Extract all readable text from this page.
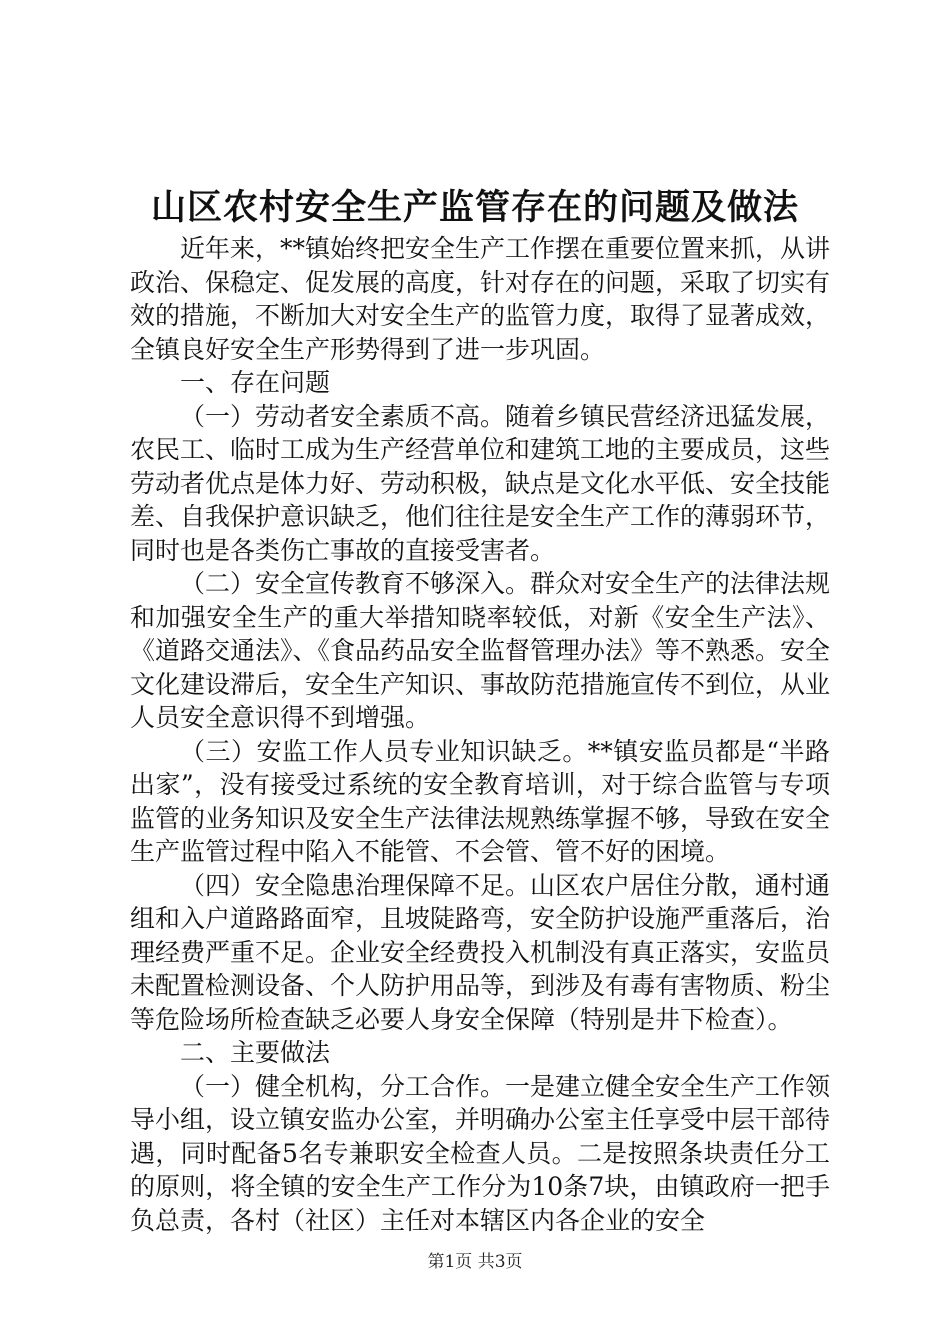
山区农村安全生产监管存在的问题及做法

近年来，**镇始终把安全生产工作摆在重要位置来抓，从讲政治、保稳定、促发展的高度，针对存在的问题，采取了切实有效的措施，不断加大对安全生产的监管力度，取得了显著成效，全镇良好安全生产形势得到了进一步巩固。

一、存在问题

（一）劳动者安全素质不高。随着乡镇民营经济迅猛发展，农民工、临时工成为生产经营单位和建筑工地的主要成员，这些劳动者优点是体力好、劳动积极，缺点是文化水平低、安全技能差、自我保护意识缺乏，他们往往是安全生产工作的薄弱环节，同时也是各类伤亡事故的直接受害者。

（二）安全宣传教育不够深入。群众对安全生产的法律法规和加强安全生产的重大举措知晓率较低，对新《安全生产法》、《道路交通法》、《食品药品安全监督管理办法》等不熟悉。安全文化建设滞后，安全生产知识、事故防范措施宣传不到位，从业人员安全意识得不到增强。

（三）安监工作人员专业知识缺乏。**镇安监员都是“半路出家”，没有接受过系统的安全教育培训，对于综合监管与专项监管的业务知识及安全生产法律法规熟练掌握不够，导致在安全生产监管过程中陷入不能管、不会管、管不好的困境。

（四）安全隐患治理保障不足。山区农户居住分散，通村通组和入户道路路面窄，且坡陡路弯，安全防护设施严重落后，治理经费严重不足。企业安全经费投入机制没有真正落实，安监员未配置检测设备、个人防护用品等，到涉及有毒有害物质、粉尘等危险场所检查缺乏必要人身安全保障（特别是井下检查）。

二、主要做法

（一）健全机构，分工合作。一是建立健全安全生产工作领导小组，设立镇安监办公室，并明确办公室主任享受中层干部待遇，同时配备5名专兼职安全检查人员。二是按照条块责任分工的原则，将全镇的安全生产工作分为10条7块，由镇政府一把手负总责，各村（社区）主任对本辖区内各企业的安全

第1页 共3页
